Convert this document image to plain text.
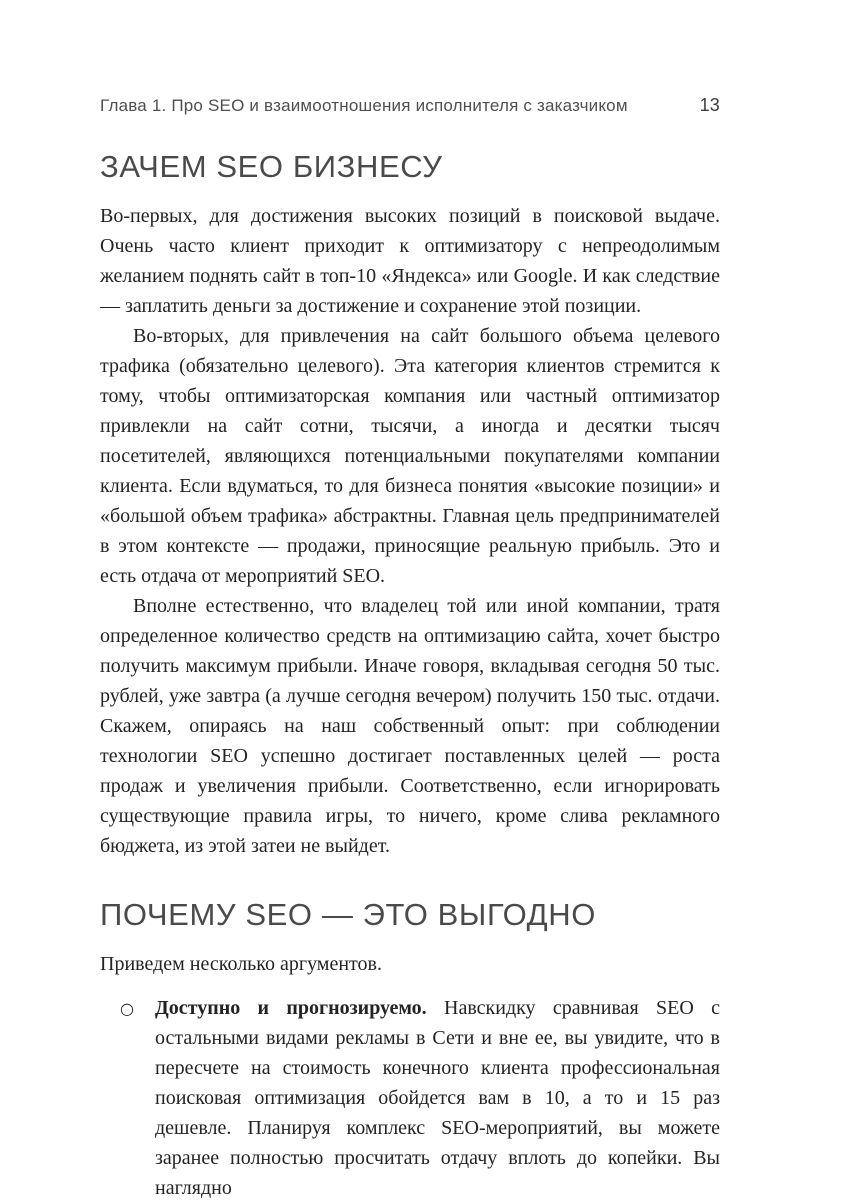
Глава 1. Про SEO и взаимоотношения исполнителя с заказчиком	13
ЗАЧЕМ SEO БИЗНЕСУ

Во-первых, для достижения высоких позиций в поисковой выдаче. Очень часто клиент приходит к оптимизатору с непреодолимым желанием поднять сайт в топ-10 «Яндекса» или Google. И как следствие — заплатить деньги за достижение и сохранение этой позиции.

Во-вторых, для привлечения на сайт большого объема целевого трафика (обязательно целевого). Эта категория клиентов стремится к тому, чтобы оптимизаторская компания или частный оптимизатор привлекли на сайт сотни, тысячи, а иногда и десятки тысяч посетителей, являющихся потенциальными покупателями компании клиента. Если вдуматься, то для бизнеса понятия «высокие позиции» и «большой объем трафика» абстрактны. Главная цель предпринимателей в этом контексте — продажи, приносящие реальную прибыль. Это и есть отдача от мероприятий SEO.

Вполне естественно, что владелец той или иной компании, тратя определенное количество средств на оптимизацию сайта, хочет быстро получить максимум прибыли. Иначе говоря, вкладывая сегодня 50 тыс. рублей, уже завтра (а лучше сегодня вечером) получить 150 тыс. отдачи. Скажем, опираясь на наш собственный опыт: при соблюдении технологии SEO успешно достигает поставленных целей — роста продаж и увеличения прибыли. Соответственно, если игнорировать существующие правила игры, то ничего, кроме слива рекламного бюджета, из этой затеи не выйдет.

ПОЧЕМУ SEO — ЭТО ВЫГОДНО

Приведем несколько аргументов.

○ Доступно и прогнозируемо. Навскидку сравнивая SEO с остальными видами рекламы в Сети и вне ее, вы увидите, что в пересчете на стоимость конечного клиента профессиональная поисковая оптимизация обойдется вам в 10, а то и 15 раз дешевле. Планируя комплекс SEO-мероприятий, вы можете заранее полностью просчитать отдачу вплоть до копейки. Вы наглядно
